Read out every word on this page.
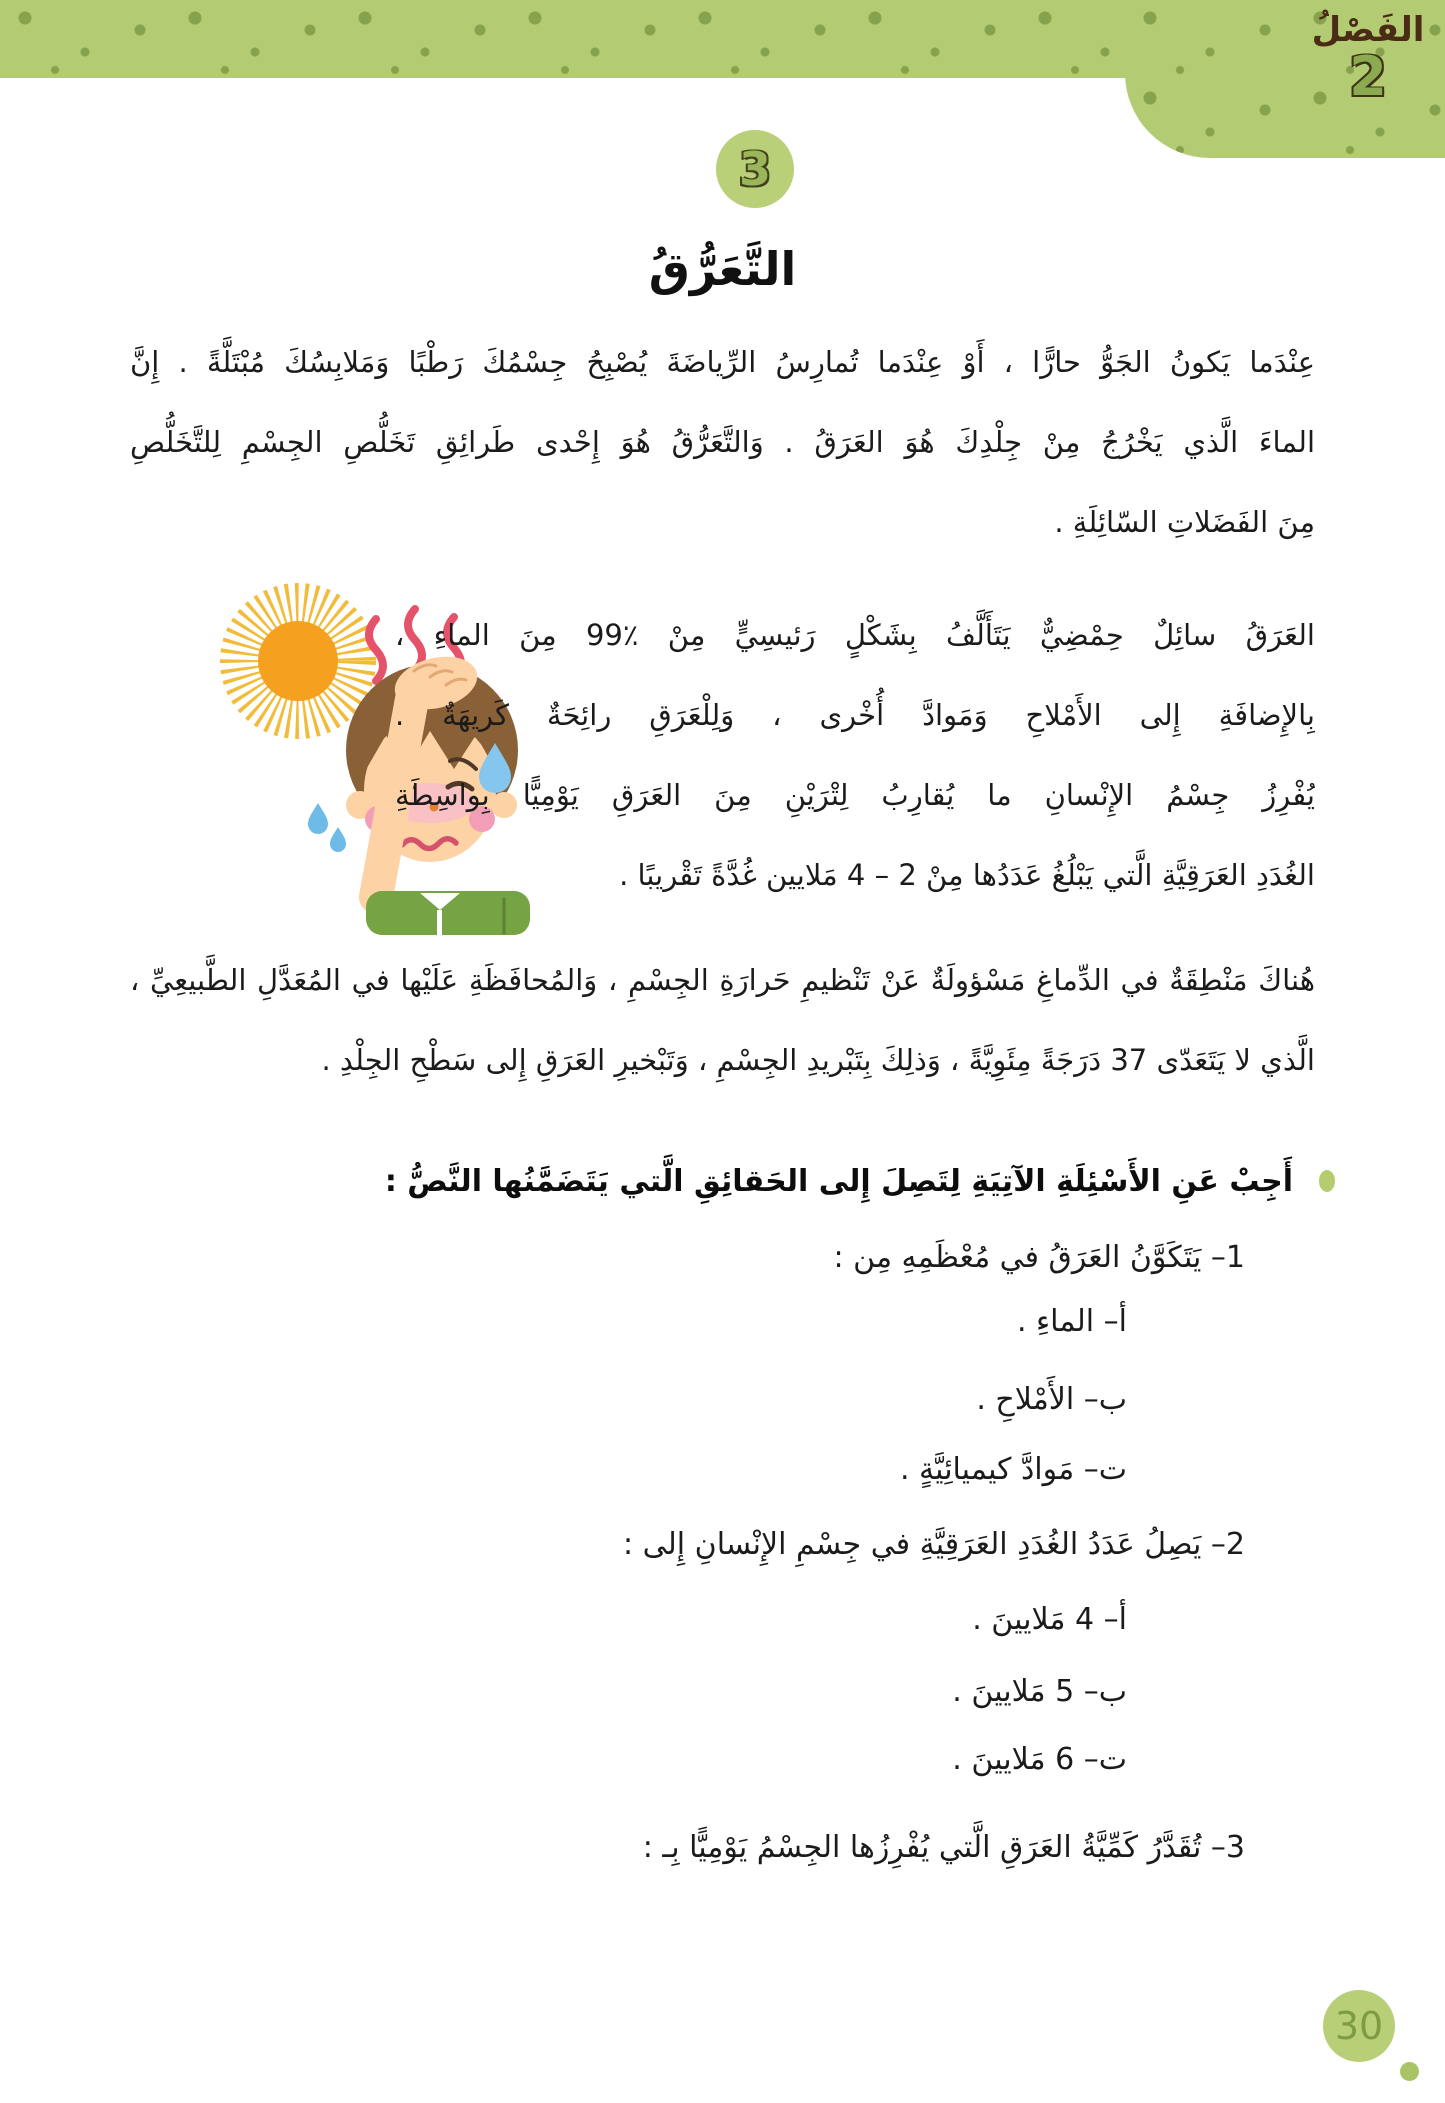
الفَصْلُ
2
3
التَّعَرُّقُ
عِنْدَما يَكونُ الجَوُّ حارًّا ، أَوْ عِنْدَما تُمارِسُ الرِّياضَةَ يُصْبِحُ جِسْمُكَ رَطْبًا وَمَلابِسُكَ مُبْتَلَّةً . إِنَّ
الماءَ الَّذي يَخْرُجُ مِنْ جِلْدِكَ هُوَ العَرَقُ . وَالتَّعَرُّقُ هُوَ إِحْدى طَرائِقِ تَخَلُّصِ الجِسْمِ لِلتَّخَلُّصِ
مِنَ الفَضَلاتِ السّائِلَةِ .
العَرَقُ سائِلٌ حِمْضِيٌّ يَتَأَلَّفُ بِشَكْلٍ رَئيسِيٍّ مِنْ ٪99 مِنَ الماءِ ،
بِالإِضافَةِ إِلى الأَمْلاحِ وَمَوادَّ أُخْرى ، وَلِلْعَرَقِ رائِحَةٌ كَريهَةٌ .
يُفْرِزُ جِسْمُ الإِنْسانِ ما يُقارِبُ لِتْرَيْنِ مِنَ العَرَقِ يَوْمِيًّا بِواسِطَةِ
الغُدَدِ العَرَقِيَّةِ الَّتي يَبْلُغُ عَدَدُها مِنْ 2 – 4 مَلايين غُدَّةً تَقْريبًا .
هُناكَ مَنْطِقَةٌ في الدِّماغِ مَسْؤولَةٌ عَنْ تَنْظيمِ حَرارَةِ الجِسْمِ ، وَالمُحافَظَةِ عَلَيْها في المُعَدَّلِ الطَّبيعِيِّ ،
الَّذي لا يَتَعَدّى 37 دَرَجَةً مِئَوِيَّةً ، وَذلِكَ بِتَبْريدِ الجِسْمِ ، وَتَبْخيرِ العَرَقِ إِلى سَطْحِ الجِلْدِ .
أَجِبْ عَنِ الأَسْئِلَةِ الآتِيَةِ لِتَصِلَ إِلى الحَقائِقِ الَّتي يَتَضَمَّنُها النَّصُّ :
1– يَتَكَوَّنُ العَرَقُ في مُعْظَمِهِ مِن :
أ– الماءِ .
ب– الأَمْلاحِ .
ت– مَوادَّ كيميائِيَّةٍ .
2– يَصِلُ عَدَدُ الغُدَدِ العَرَقِيَّةِ في جِسْمِ الإِنْسانِ إِلى :
أ– 4 مَلايينَ .
ب– 5 مَلايينَ .
ت– 6 مَلايينَ .
3– تُقَدَّرُ كَمِّيَّةُ العَرَقِ الَّتي يُفْرِزُها الجِسْمُ يَوْمِيًّا بِـ :
30
